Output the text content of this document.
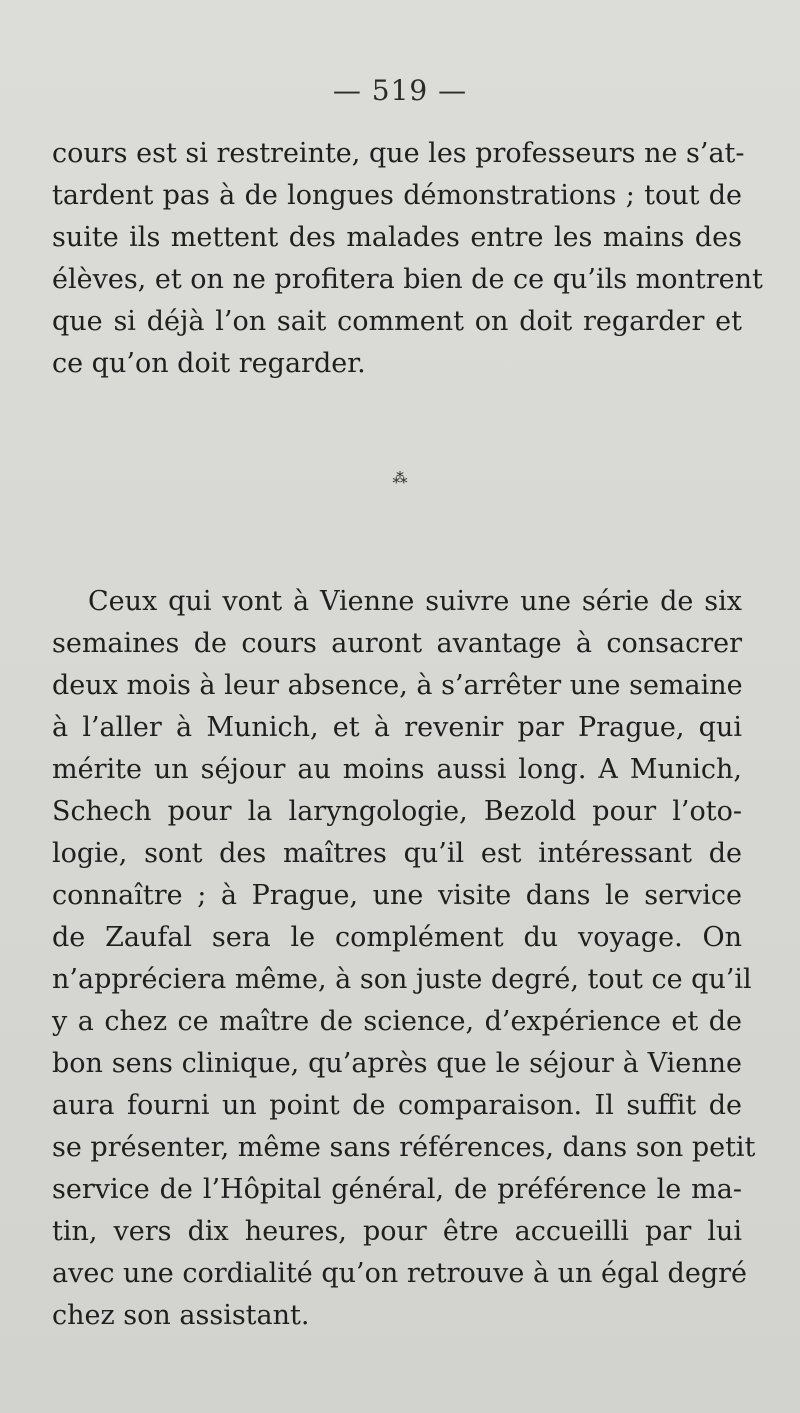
— 519 —
cours est si restreinte, que les professeurs ne s’at-
tardent pas à de longues démonstrations ; tout de
suite ils mettent des malades entre les mains des
élèves, et on ne profitera bien de ce qu’ils montrent
que si déjà l’on sait comment on doit regarder et
ce qu’on doit regarder.
⁂
Ceux qui vont à Vienne suivre une série de six
semaines de cours auront avantage à consacrer
deux mois à leur absence, à s’arrêter une semaine
à l’aller à Munich, et à revenir par Prague, qui
mérite un séjour au moins aussi long. A Munich,
Schech pour la laryngologie, Bezold pour l’oto-
logie, sont des maîtres qu’il est intéressant de
connaître ; à Prague, une visite dans le service
de Zaufal sera le complément du voyage. On
n’appréciera même, à son juste degré, tout ce qu’il
y a chez ce maître de science, d’expérience et de
bon sens clinique, qu’après que le séjour à Vienne
aura fourni un point de comparaison. Il suffit de
se présenter, même sans références, dans son petit
service de l’Hôpital général, de préférence le ma-
tin, vers dix heures, pour être accueilli par lui
avec une cordialité qu’on retrouve à un égal degré
chez son assistant.
